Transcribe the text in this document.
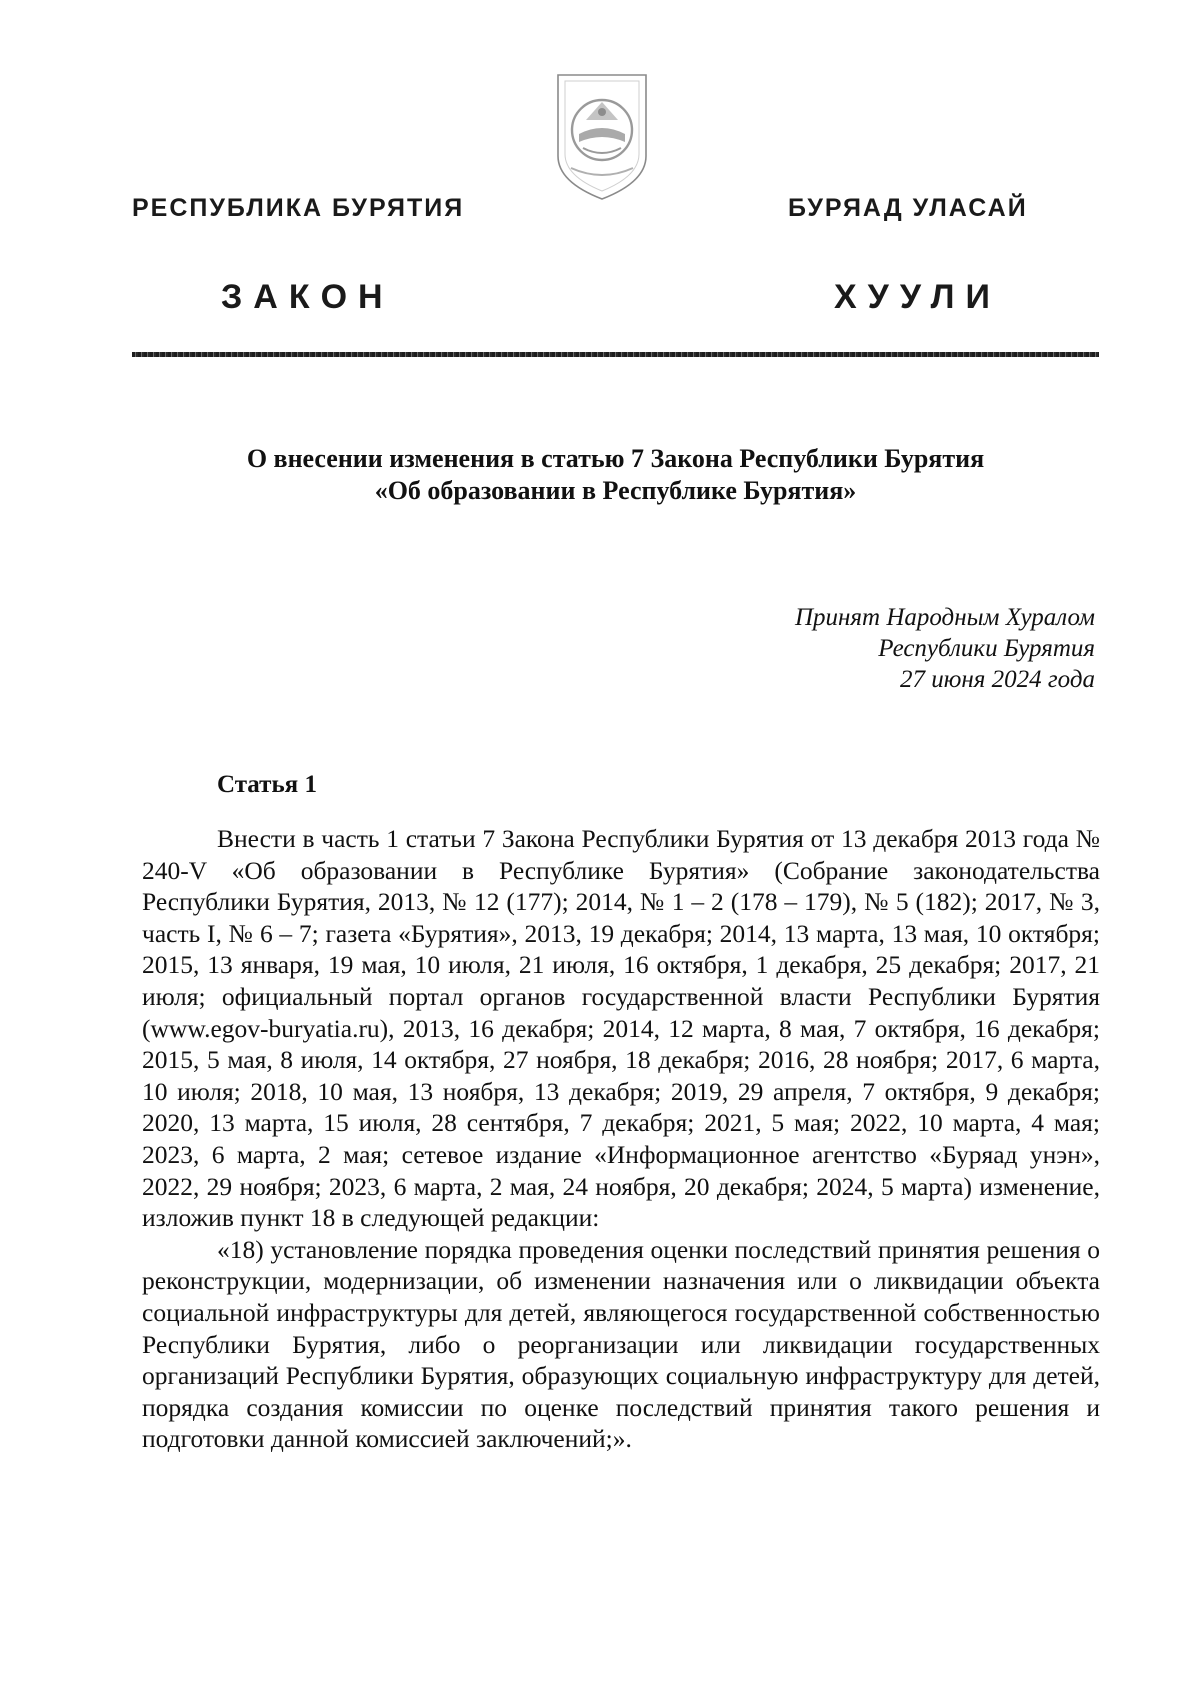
РЕСПУБЛИКА БУРЯТИЯ	БУРЯАД УЛАСАЙ
ЗАКОН	ХУУЛИ
О внесении изменения в статью 7 Закона Республики Бурятия
«Об образовании в Республике Бурятия»
Принят Народным Хуралом
Республики Бурятия
27 июня 2024 года
Статья 1

Внести в часть 1 статьи 7 Закона Республики Бурятия от 13 декабря 2013 года № 240-V «Об образовании в Республике Бурятия» (Собрание законодательства Республики Бурятия, 2013, № 12 (177); 2014, № 1 – 2 (178 – 179), № 5 (182); 2017, № 3, часть I, № 6 – 7; газета «Бурятия», 2013, 19 декабря; 2014, 13 марта, 13 мая, 10 октября; 2015, 13 января, 19 мая, 10 июля, 21 июля, 16 октября, 1 декабря, 25 декабря; 2017, 21 июля; официальный портал органов государственной власти Республики Бурятия (www.egov-buryatia.ru), 2013, 16 декабря; 2014, 12 марта, 8 мая, 7 октября, 16 декабря; 2015, 5 мая, 8 июля, 14 октября, 27 ноября, 18 декабря; 2016, 28 ноября; 2017, 6 марта, 10 июля; 2018, 10 мая, 13 ноября, 13 декабря; 2019, 29 апреля, 7 октября, 9 декабря; 2020, 13 марта, 15 июля, 28 сентября, 7 декабря; 2021, 5 мая; 2022, 10 марта, 4 мая; 2023, 6 марта, 2 мая; сетевое издание «Информационное агентство «Буряад унэн», 2022, 29 ноября; 2023, 6 марта, 2 мая, 24 ноября, 20 декабря; 2024, 5 марта) изменение, изложив пункт 18 в следующей редакции:

«18) установление порядка проведения оценки последствий принятия решения о реконструкции, модернизации, об изменении назначения или о ликвидации объекта социальной инфраструктуры для детей, являющегося государственной собственностью Республики Бурятия, либо о реорганизации или ликвидации государственных организаций Республики Бурятия, образующих социальную инфраструктуру для детей, порядка создания комиссии по оценке последствий принятия такого решения и подготовки данной комиссией заключений;».
